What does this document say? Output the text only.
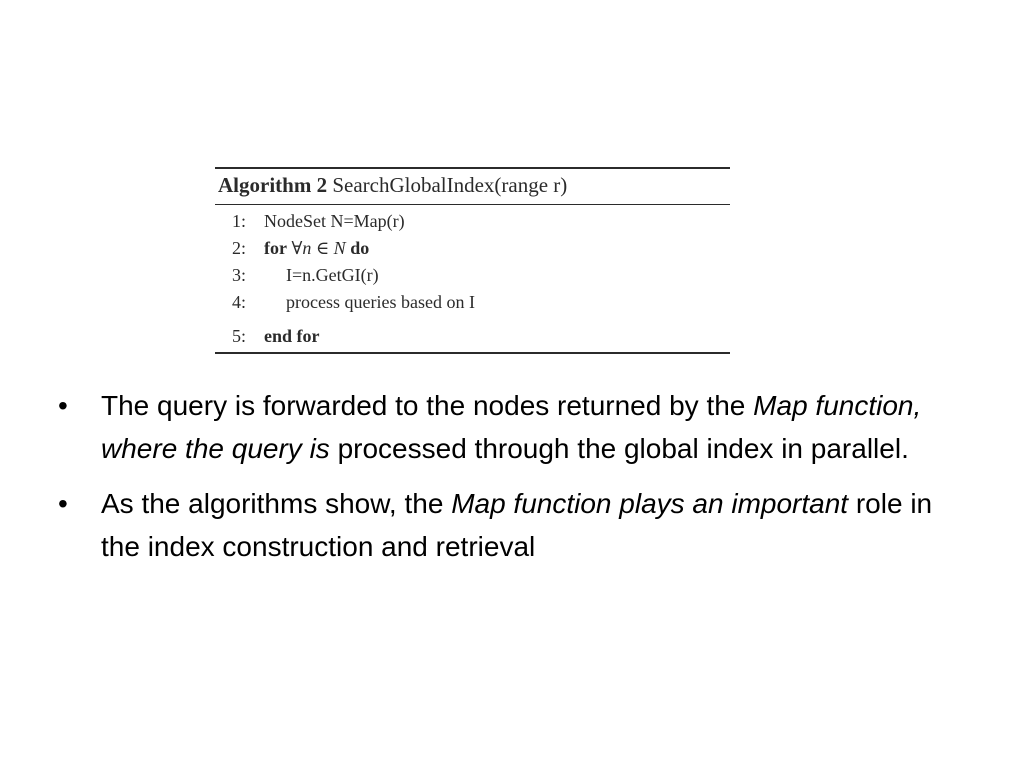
Algorithm 2 SearchGlobalIndex(range r)
1: NodeSet N=Map(r)
2: for ∀n ∈ N do
3: I=n.GetGI(r)
4: process queries based on I
5: end for
•	The query is forwarded to the nodes returned by the Map function, where the query is processed through the global index in parallel.
•	As the algorithms show, the Map function plays an important role in the index construction and retrieval
